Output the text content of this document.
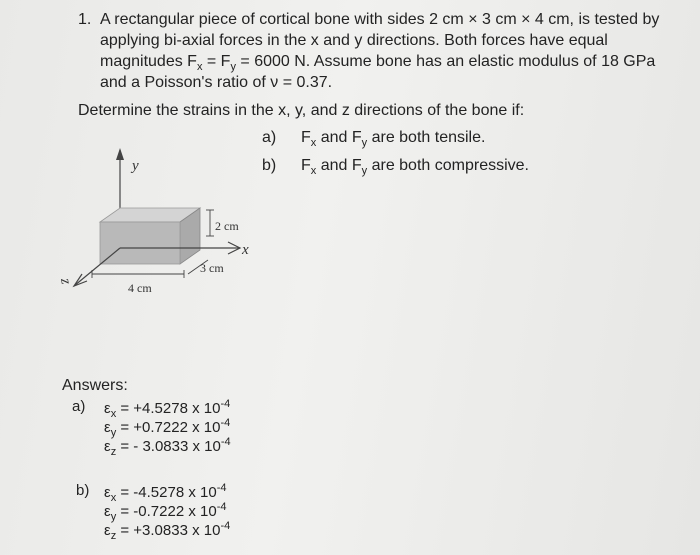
1. A rectangular piece of cortical bone with sides 2 cm × 3 cm × 4 cm, is tested by
applying bi-axial forces in the x and y directions. Both forces have equal
magnitudes $F_x = F_y = 6000$ N. Assume bone has an elastic modulus of 18 GPa
and a Poisson's ratio of ν = 0.37.
Determine the strains in the x, y, and z directions of the bone if:
a) $F_x$ and $F_y$ are both tensile.
b) $F_x$ and $F_y$ are both compressive.
y
x
z
2 cm
3 cm
4 cm
Answers:
a) $\varepsilon_x = +4.5278$ x $10^{-4}$
$\varepsilon_y = +0.7222$ x $10^{-4}$
$\varepsilon_z$ = - 3.0833 x $10^{-4}$
b) $\varepsilon_x = -4.5278$ x $10^{-4}$
$\varepsilon_y = -0.7222$ x $10^{-4}$
$\varepsilon_z = +3.0833$ x $10^{-4}$
